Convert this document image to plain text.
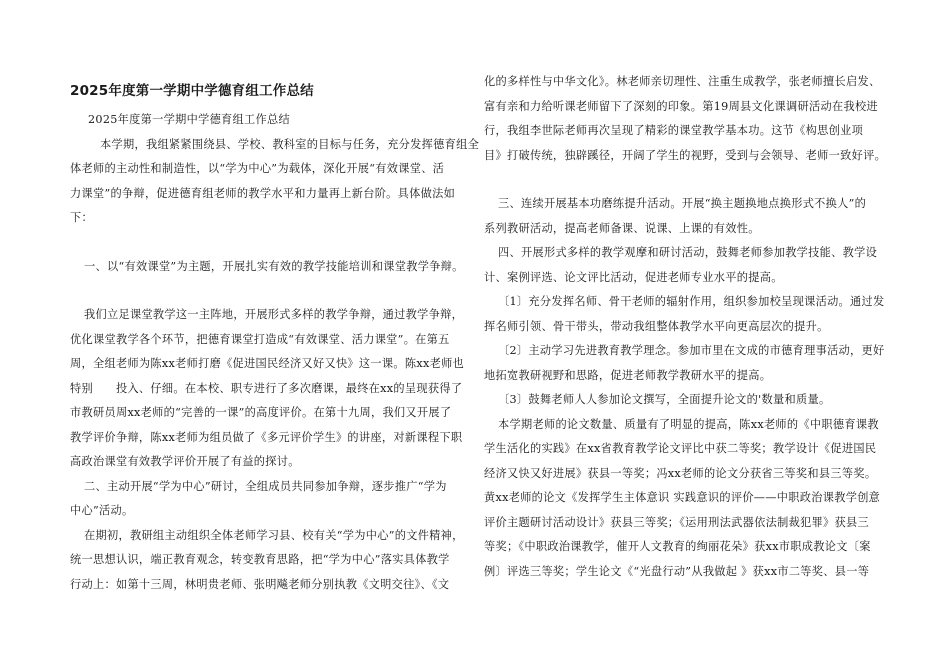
2025年度第一学期中学德育组工作总结

2025年度第一学期中学德育组工作总结

本学期，我组紧紧围绕县、学校、教科室的目标与任务，充分发挥德育组全

体老师的主动性和制造性，以“学为中心”为载体，深化开展“有效课堂、活

力课堂”的争辩，促进德育组老师的教学水平和力量再上新台阶。具体做法如

下：

一、以“有效课堂”为主题，开展扎实有效的教学技能培训和课堂教学争辩。

我们立足课堂教学这一主阵地，开展形式多样的教学争辩，通过教学争辩，

优化课堂教学各个环节，把德育课堂打造成“有效课堂、活力课堂”。在第五

周，全组老师为陈xx老师打磨《促进国民经济又好又快》这一课。陈xx老师也

特别　　投入、仔细。在本校、职专进行了多次磨课，最终在xx的呈现获得了

市教研员周xx老师的“完善的一课”的高度评价。在第十九周，我们又开展了

教学评价争辩，陈xx老师为组员做了《多元评价学生》的讲座，对新课程下职

高政治课堂有效教学评价开展了有益的探讨。

二、主动开展“学为中心”研讨，全组成员共同参加争辩，逐步推广“学为

中心”活动。

在期初，教研组主动组织全体老师学习县、校有关“学为中心”的文件精神，

统一思想认识，端正教育观念，转变教育思路，把“学为中心”落实具体教学

行动上：如第十三周，林明贵老师、张明飚老师分别执教《文明交往》、《文

化的多样性与中华文化》。林老师亲切理性、注重生成教学，张老师擅长启发、

富有亲和力给听课老师留下了深刻的印象。第19周县文化课调研活动在我校进

行，我组李世际老师再次呈现了精彩的课堂教学基本功。这节《构思创业项

目》打破传统，独辟蹊径，开阔了学生的视野，受到与会领导、老师一致好评。

三、连续开展基本功磨练提升活动。开展“换主题换地点换形式不换人”的

系列教研活动，提高老师备课、说课、上课的有效性。

四、开展形式多样的教学观摩和研讨活动，鼓舞老师参加教学技能、教学设

计、案例评选、论文评比活动，促进老师专业水平的提高。

〔1〕充分发挥名师、骨干老师的辐射作用，组织参加校呈现课活动。通过发

挥名师引领、骨干带头，带动我组整体教学水平向更高层次的提升。

〔2〕主动学习先进教育教学理念。参加市里在文成的市德育理事活动，更好

地拓宽教研视野和思路，促进老师教学教研水平的提高。

〔3〕鼓舞老师人人参加论文撰写，全面提升论文的'数量和质量。

本学期老师的论文数量、质量有了明显的提高，陈xx老师的《中职德育课教

学生活化的实践》在xx省教育教学论文评比中获二等奖；教学设计《促进国民

经济又快又好进展》获县一等奖；冯xx老师的论文分获省三等奖和县三等奖。

黄xx老师的论文《发挥学生主体意识 实践意识的评价——中职政治课教学创意

评价主题研讨活动设计》获县三等奖；《运用刑法武器依法制裁犯罪》获县三

等奖；《中职政治课教学，催开人文教育的绚丽花朵》获xx市职成教论文〔案

例〕评选三等奖；学生论文《“光盘行动”从我做起 》获xx市二等奖、县一等
